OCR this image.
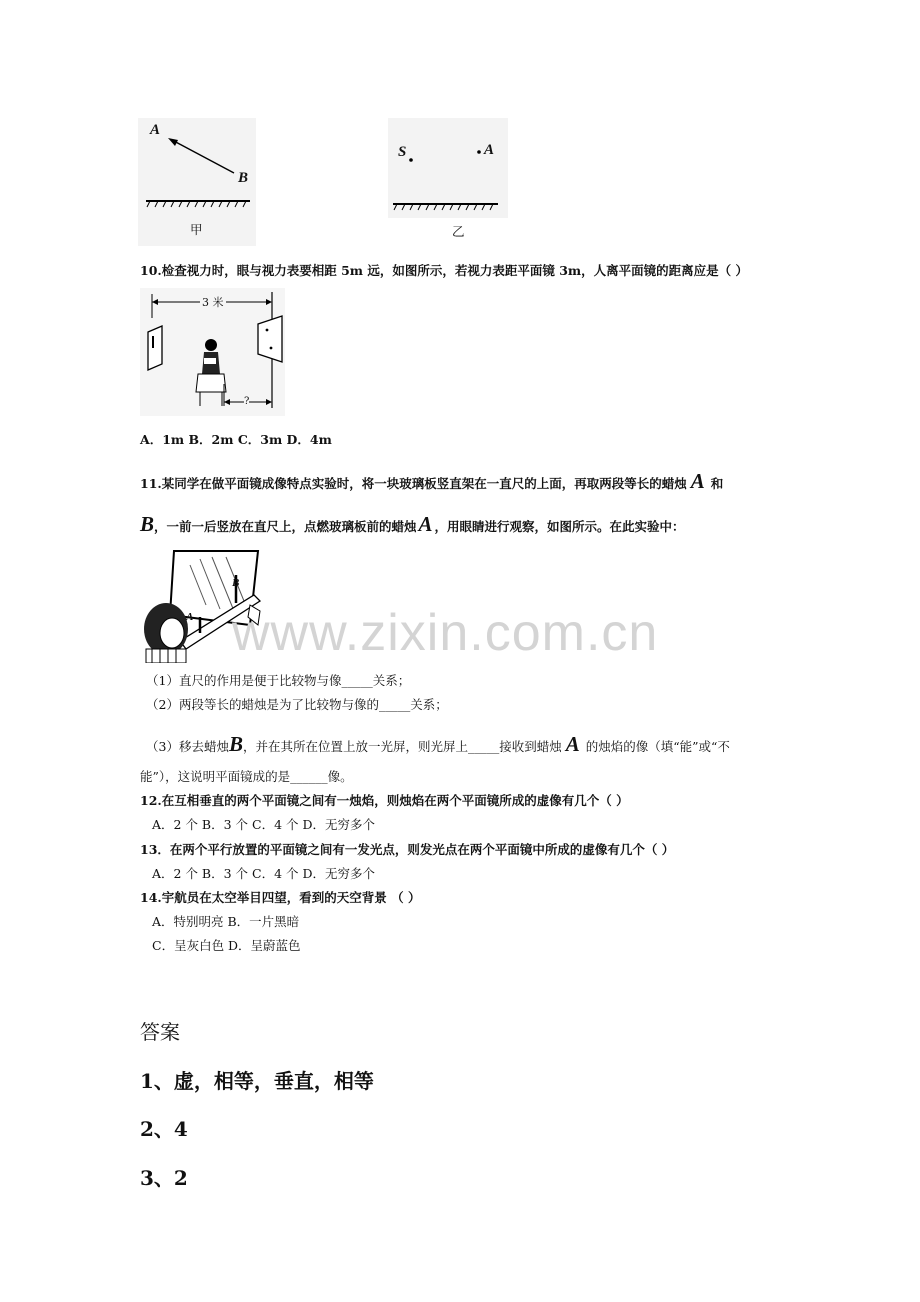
A
B
S	A
甲	乙
10.检查视力时，眼与视力表要相距 5m 远，如图所示，若视力表距平面镜 3m，人离平面镜的距离应是（ ）
3 米
?
A．1m B．2m C．3m D．4m
11.某同学在做平面镜成像特点实验时，将一块玻璃板竖直架在一直尺的上面，再取两段等长的蜡烛 A 和
B，一前一后竖放在直尺上，点燃玻璃板前的蜡烛A ，用眼睛进行观察，如图所示。在此实验中：
A
B
（1）直尺的作用是便于比较物与像_____关系；
（2）两段等长的蜡烛是为了比较物与像的_____关系；
（3）移去蜡烛B，并在其所在位置上放一光屏，则光屏上_____接收到蜡烛 A 的烛焰的像（填“能”或“不
能”），这说明平面镜成的是______像。
12.在互相垂直的两个平面镜之间有一烛焰，则烛焰在两个平面镜所成的虚像有几个（ ）
A．2 个 B．3 个 C．4 个 D．无穷多个
13．在两个平行放置的平面镜之间有一发光点，则发光点在两个平面镜中所成的虚像有几个（ ）
A．2 个 B．3 个 C．4 个 D．无穷多个
14.宇航员在太空举目四望，看到的天空背景 （ ）
A．特别明亮 B．一片黑暗
C．呈灰白色 D．呈蔚蓝色
答案
1、虚，相等，垂直，相等
2、4
3、2
www.zixin.com.cn
